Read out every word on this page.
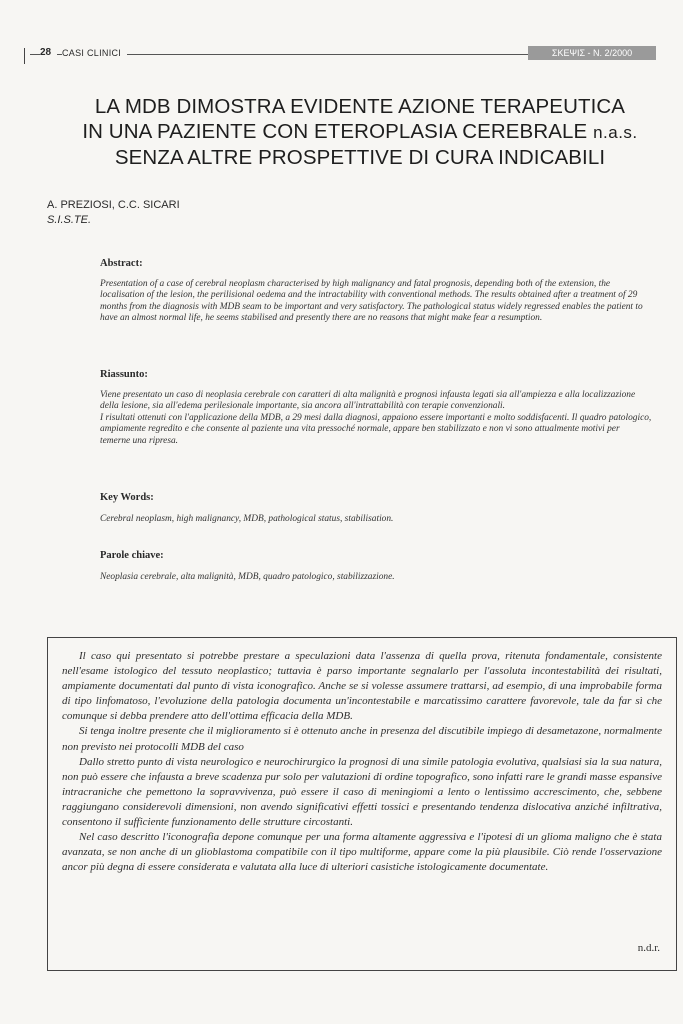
28	CASI CLINICI	ΣΚΕΨΙΣ - N. 2/2000
LA MDB DIMOSTRA EVIDENTE AZIONE TERAPEUTICA
IN UNA PAZIENTE CON ETEROPLASIA CEREBRALE n.a.s.
SENZA ALTRE PROSPETTIVE DI CURA INDICABILI
A. PREZIOSI, C.C. SICARI
S.I.S.TE.
Abstract:

Presentation of a case of cerebral neoplasm characterised by high malignancy and fatal prognosis, depending both of the extension, the localisation of the lesion, the perilisional oedema and the intractability with conventional methods. The results obtained after a treatment of 29 months from the diagnosis with MDB seam to be important and very satisfactory. The pathological status widely regressed enables the patient to have an almost normal life, he seems stabilised and presently there are no reasons that might make fear a resumption.

Riassunto:

Viene presentato un caso di neoplasia cerebrale con caratteri di alta malignità e prognosi infausta legati sia all'ampiezza e alla localizzazione della lesione, sia all'edema perilesionale importante, sia ancora all'intrattabilità con terapie convenzionali.

I risultati ottenuti con l'applicazione della MDB, a 29 mesi dalla diagnosi, appaiono essere importanti e molto soddisfacenti. Il quadro patologico, ampiamente regredito e che consente al paziente una vita pressoché normale, appare ben stabilizzato e non vi sono attualmente motivi per temerne una ripresa.

Key Words:

Cerebral neoplasm, high malignancy, MDB, pathological status, stabilisation.

Parole chiave:

Neoplasia cerebrale, alta malignità, MDB, quadro patologico, stabilizzazione.

Il caso qui presentato si potrebbe prestare a speculazioni data l'assenza di quella prova, ritenuta fondamentale, consistente nell'esame istologico del tessuto neoplastico; tuttavia è parso importante segnalarlo per l'assoluta incontestabilità dei risultati, ampiamente documentati dal punto di vista iconografico. Anche se si volesse assumere trattarsi, ad esempio, di una improbabile forma di tipo linfomatoso, l'evoluzione della patologia documenta un'incontestabile e marcatissimo carattere favorevole, tale da far sì che comunque si debba prendere atto dell'ottima efficacia della MDB.

Si tenga inoltre presente che il miglioramento si è ottenuto anche in presenza del discutibile impiego di desametazone, normalmente non previsto nei protocolli MDB del caso

Dallo stretto punto di vista neurologico e neurochirurgico la prognosi di una simile patologia evolutiva, qualsiasi sia la sua natura, non può essere che infausta a breve scadenza pur solo per valutazioni di ordine topografico, sono infatti rare le grandi masse espansive intracraniche che pemettono la sopravvivenza, può essere il caso di meningiomi a lento o lentissimo accrescimento, che, sebbene raggiungano considerevoli dimensioni, non avendo significativi effetti tossici e presentando tendenza dislocativa anziché infiltrativa, consentono il sufficiente funzionamento delle strutture circostanti.

Nel caso descritto l'iconografia depone comunque per una forma altamente aggressiva e l'ipotesi di un glioma maligno che è stata avanzata, se non anche di un glioblastoma compatibile con il tipo multiforme, appare come la più plausibile. Ciò rende l'osservazione ancor più degna di essere considerata e valutata alla luce di ulteriori casistiche istologicamente documentate.

n.d.r.
